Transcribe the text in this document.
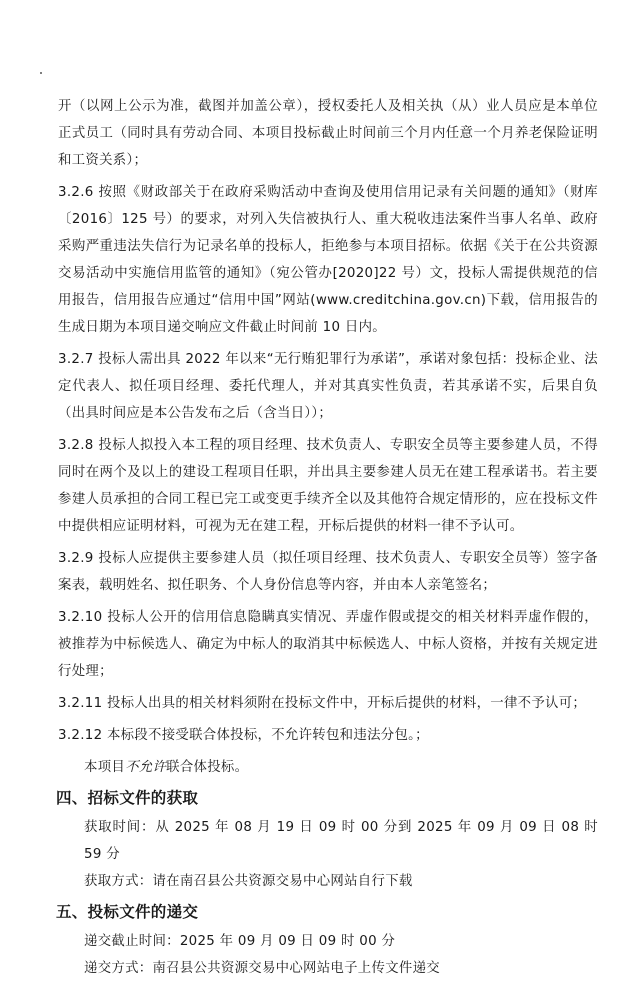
开（以网上公示为准，截图并加盖公章），授权委托人及相关执（从）业人员应是本单位正式员工（同时具有劳动合同、本项目投标截止时间前三个月内任意一个月养老保险证明和工资关系）；

3.2.6 按照《财政部关于在政府采购活动中查询及使用信用记录有关问题的通知》（财库〔2016〕125 号）的要求，对列入失信被执行人、重大税收违法案件当事人名单、政府采购严重违法失信行为记录名单的投标人，拒绝参与本项目招标。依据《关于在公共资源交易活动中实施信用监管的通知》（宛公管办[2020]22 号）文，投标人需提供规范的信用报告，信用报告应通过“信用中国”网站(www.creditchina.gov.cn)下载，信用报告的生成日期为本项目递交响应文件截止时间前 10 日内。

3.2.7 投标人需出具 2022 年以来“无行贿犯罪行为承诺”，承诺对象包括：投标企业、法定代表人、拟任项目经理、委托代理人，并对其真实性负责，若其承诺不实，后果自负（出具时间应是本公告发布之后（含当日））；

3.2.8 投标人拟投入本工程的项目经理、技术负责人、专职安全员等主要参建人员，不得同时在两个及以上的建设工程项目任职，并出具主要参建人员无在建工程承诺书。若主要参建人员承担的合同工程已完工或变更手续齐全以及其他符合规定情形的，应在投标文件中提供相应证明材料，可视为无在建工程，开标后提供的材料一律不予认可。

3.2.9 投标人应提供主要参建人员（拟任项目经理、技术负责人、专职安全员等）签字备案表，载明姓名、拟任职务、个人身份信息等内容，并由本人亲笔签名；

3.2.10 投标人公开的信用信息隐瞒真实情况、弄虚作假或提交的相关材料弄虚作假的，被推荐为中标候选人、确定为中标人的取消其中标候选人、中标人资格，并按有关规定进行处理；

3.2.11 投标人出具的相关材料须附在投标文件中，开标后提供的材料，一律不予认可；

3.2.12 本标段不接受联合体投标，不允许转包和违法分包。；

本项目不允许联合体投标。

四、招标文件的获取

获取时间：从 2025 年 08 月 19 日 09 时 00 分到 2025 年 09 月 09 日 08 时 59 分

获取方式：请在南召县公共资源交易中心网站自行下载

五、投标文件的递交

递交截止时间：2025 年 09 月 09 日 09 时 00 分

递交方式：南召县公共资源交易中心网站电子上传文件递交
